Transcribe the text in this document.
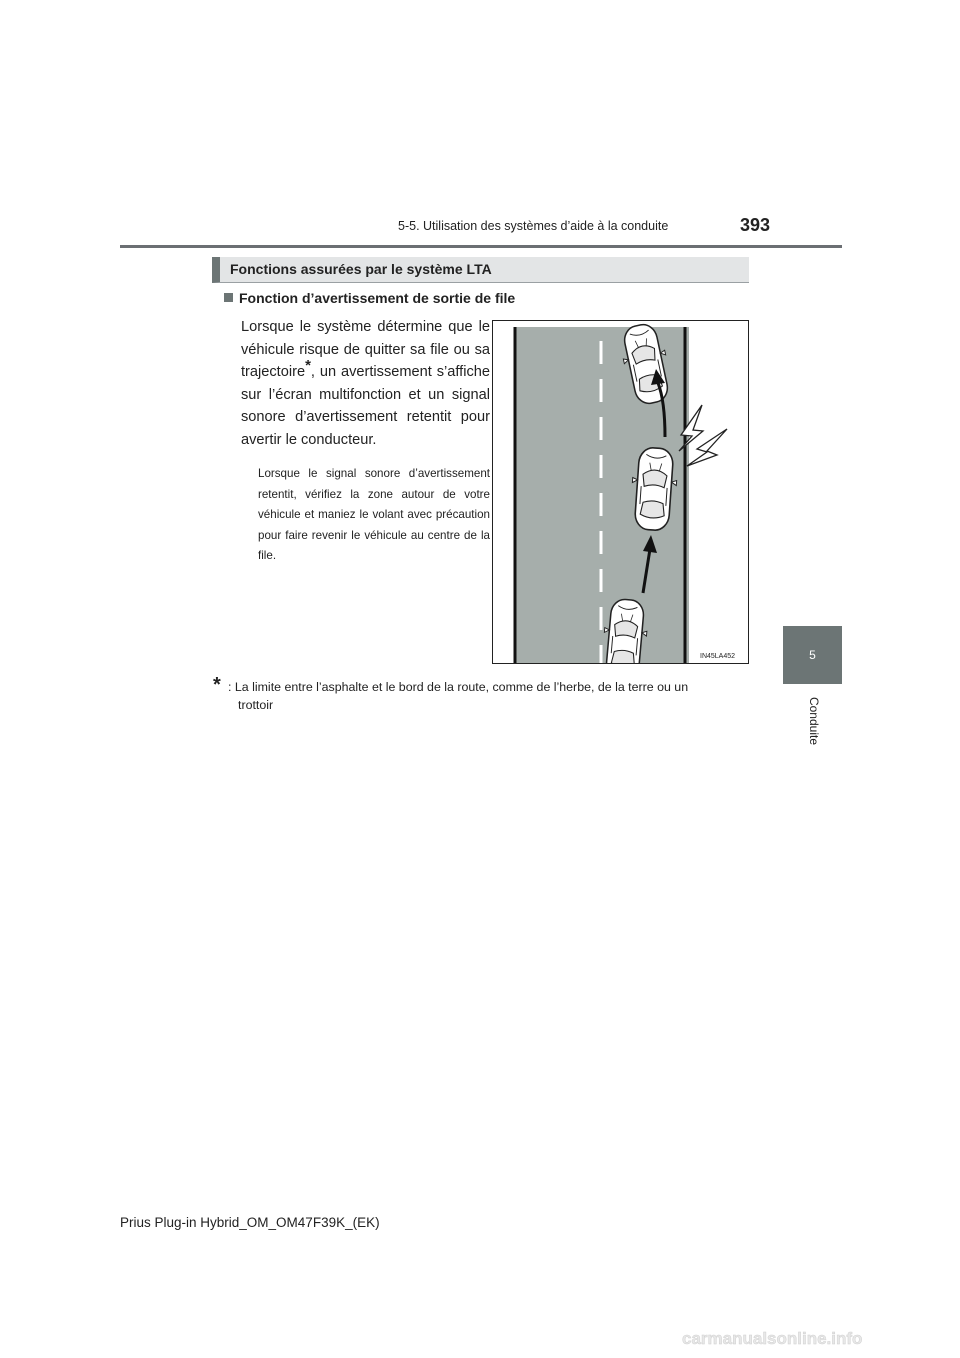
5-5. Utilisation des systèmes d’aide à la conduite	393
5
Conduite
Fonctions assurées par le système LTA
Fonction d’avertissement de sortie de file
Lorsque le système détermine que le véhicule risque de quitter sa file ou sa trajectoire*, un avertissement s’affiche sur l’écran multifonction et un signal sonore d’avertissement retentit pour avertir le conducteur.
Lorsque le signal sonore d’avertissement retentit, vérifiez la zone autour de votre véhicule et maniez le volant avec précaution pour faire revenir le véhicule au centre de la file.
IN45LA452
* : La limite entre l’asphalte et le bord de la route, comme de l’herbe, de la terre ou un
trottoir
Prius Plug-in Hybrid_OM_OM47F39K_(EK)
carmanualsonline.info
